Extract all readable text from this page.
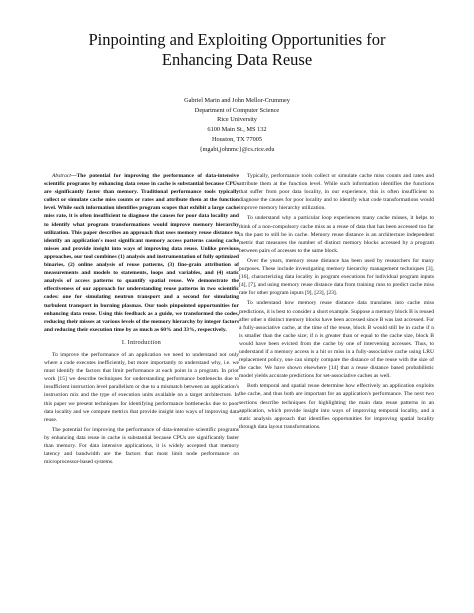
Pinpointing and Exploiting Opportunities for
Enhancing Data Reuse
Gabriel Marin and John Mellor-Crummey
Department of Computer Science
Rice University
6100 Main St., MS 132
Houston, TX 77005
{mgabi,johnmc}@cs.rice.edu

Abstract—The potential for improving the performance of data-intensive scientific programs by enhancing data reuse in cache is substantial because CPUs are significantly faster than memory. Traditional performance tools typically collect or simulate cache miss counts or rates and attribute them at the function level. While such information identifies program scopes that exhibit a large cache miss rate, it is often insufficient to diagnose the causes for poor data locality and to identify what program transformations would improve memory hierarchy utilization. This paper describes an approach that uses memory reuse distance to identify an application's most significant memory access patterns causing cache misses and provide insight into ways of improving data reuse. Unlike previous approaches, our tool combines (1) analysis and instrumentation of fully optimized binaries, (2) online analysis of reuse patterns, (3) fine-grain attribution of measurements and models to statements, loops and variables, and (4) static analysis of access patterns to quantify spatial reuse. We demonstrate the effectiveness of our approach for understanding reuse patterns in two scientific codes: one for simulating neutron transport and a second for simulating turbulent transport in burning plasmas. Our tools pinpointed opportunities for enhancing data reuse. Using this feedback as a guide, we transformed the codes, reducing their misses at various levels of the memory hierarchy by integer factors and reducing their execution time by as much as 60% and 33%, respectively.

I. Introduction

To improve the performance of an application we need to understand not only where a code executes inefficiently, but more importantly to understand why, i.e. we must identify the factors that limit performance at each point in a program. In prior work [15] we describe techniques for understanding performance bottlenecks due to insufficient instruction level parallelism or due to a mismatch between an application's instruction mix and the type of execution units available on a target architecture. In this paper we present techniques for identifying performance bottlenecks due to poor data locality and we compute metrics that provide insight into ways of improving data reuse.

The potential for improving the performance of data-intensive scientific programs by enhancing data reuse in cache is substantial because CPUs are significantly faster than memory. For data intensive applications, it is widely accepted that memory latency and bandwidth are the factors that most limit node performance on microprocessor-based systems.

Typically, performance tools collect or simulate cache miss counts and rates and attribute them at the function level. While such information identifies the functions that suffer from poor data locality, in our experience, this is often insufficient to diagnose the causes for poor locality and to identify what code transformations would improve memory hierarchy utilization.

To understand why a particular loop experiences many cache misses, it helps to think of a non-compulsory cache miss as a reuse of data that has been accessed too far in the past to still be in cache. Memory reuse distance is an architecture independent metric that measures the number of distinct memory blocks accessed by a program between pairs of accesses to the same block.

Over the years, memory reuse distance has been used by researchers for many purposes. These include investigating memory hierarchy management techniques [3], [16], characterizing data locality in program executions for individual program inputs [4], [7], and using memory reuse distance data from training runs to predict cache miss rate for other program inputs [9], [23], [23].

To understand how memory reuse distance data translates into cache miss predictions, it is best to consider a short example. Suppose a memory block B is reused after other n distinct memory blocks have been accessed since B was last accessed. For a fully-associative cache, at the time of the reuse, block B would still be in cache if n is smaller than the cache size; if n is greater than or equal to the cache size, block B would have been evicted from the cache by one of intervening accesses. Thus, to understand if a memory access is a hit or miss in a fully-associative cache using LRU replacement policy, one can simply compare the distance of the reuse with the size of the cache. We have shown elsewhere [14] that a reuse distance based probabilistic model yields accurate predictions for set-associative caches as well.

Both temporal and spatial reuse determine how effectively an application exploits the cache, and thus both are important for an application's performance. The next two sections describe techniques for highlighting the main data reuse patterns in an application, which provide insight into ways of improving temporal locality, and a static analysis approach that identifies opportunities for improving spatial locality through data layout transformations.
